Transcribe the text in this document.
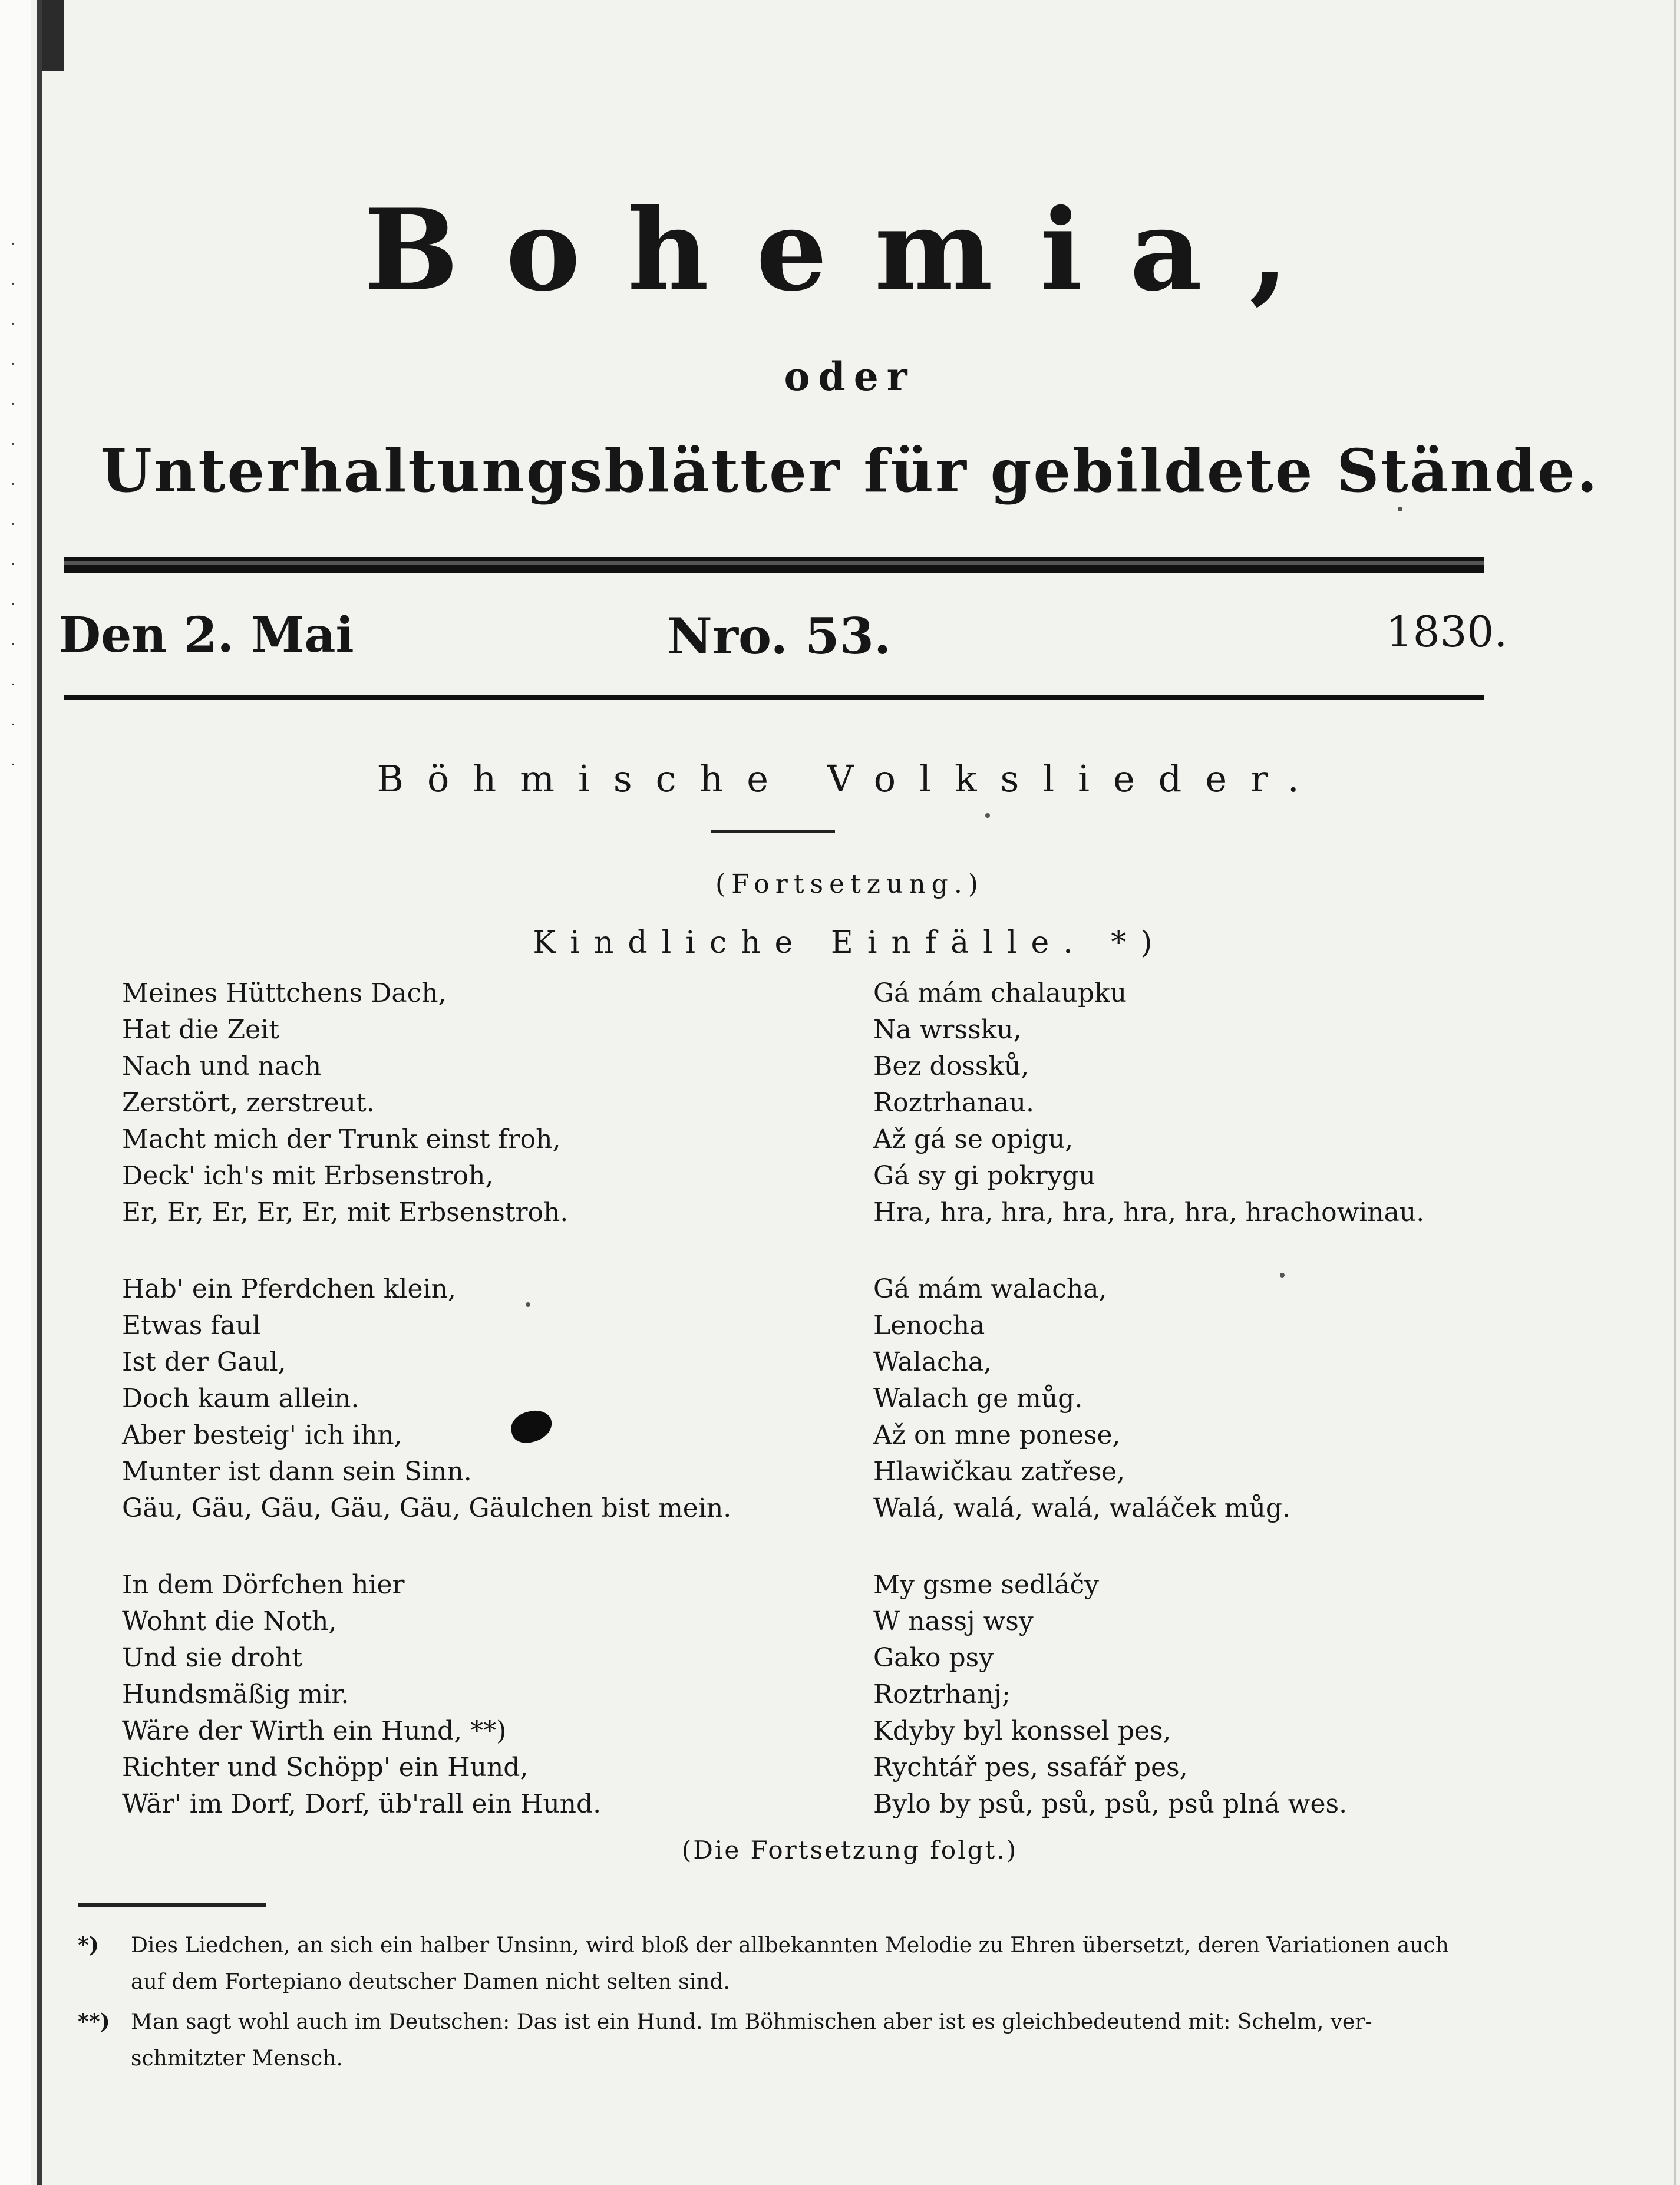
·
·
·
·
·
·
·
·
·
·
·
·
·
·
Bohemia,
oder
Unterhaltungsblätter für gebildete Stände.
Den 2. Mai	Nro. 53.	1830.
Böhmische Volkslieder.
(Fortsetzung.)
Kindliche Einfälle. *)
Meines Hüttchens Dach,
Hat die Zeit
Nach und nach
Zerstört, zerstreut.
Macht mich der Trunk einst froh,
Deck' ich's mit Erbsenstroh,
Er, Er, Er, Er, Er, mit Erbsenstroh.
Hab' ein Pferdchen klein,
Etwas faul
Ist der Gaul,
Doch kaum allein.
Aber besteig' ich ihn,
Munter ist dann sein Sinn.
Gäu, Gäu, Gäu, Gäu, Gäu, Gäulchen bist mein.
In dem Dörfchen hier
Wohnt die Noth,
Und sie droht
Hundsmäßig mir.
Wäre der Wirth ein Hund, **)
Richter und Schöpp' ein Hund,
Wär' im Dorf, Dorf, üb'rall ein Hund.
Gá mám chalaupku
Na wrssku,
Bez dossků,
Roztrhanau.
Až gá se opigu,
Gá sy gi pokrygu
Hra, hra, hra, hra, hra, hra, hrachowinau.
Gá mám walacha,
Lenocha
Walacha,
Walach ge můg.
Až on mne ponese,
Hlawičkau zatřese,
Walá, walá, walá, waláček můg.
My gsme sedláčy
W nassj wsy
Gako psy
Roztrhanj;
Kdyby byl konssel pes,
Rychtář pes, ssafář pes,
Bylo by psů, psů, psů, psů plná wes.
(Die Fortsetzung folgt.)
*) Dies Liedchen, an sich ein halber Unsinn, wird bloß der allbekannten Melodie zu Ehren übersetzt, deren Variationen auch
auf dem Fortepiano deutscher Damen nicht selten sind.
**) Man sagt wohl auch im Deutschen: Das ist ein Hund. Im Böhmischen aber ist es gleichbedeutend mit: Schelm, ver-
schmitzter Mensch.
